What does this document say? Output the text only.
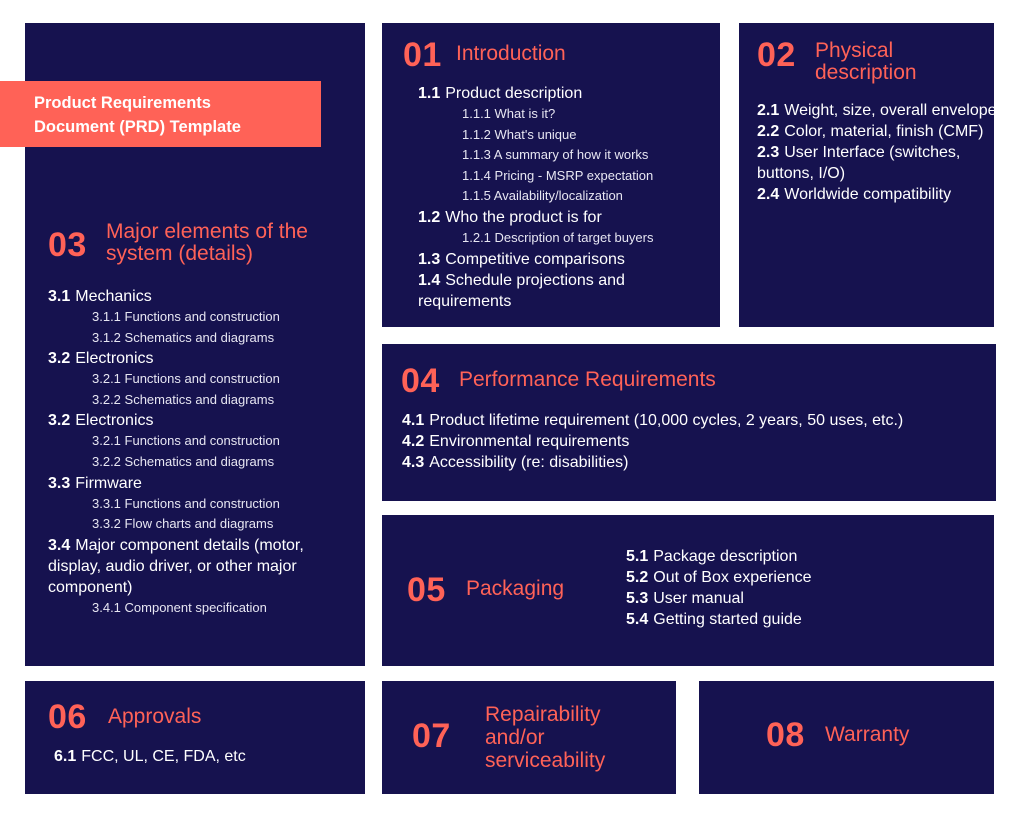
03 Major elements of the
system (details)
3.1 Mechanics
3.1.1 Functions and construction
3.1.2 Schematics and diagrams
3.2 Electronics
3.2.1 Functions and construction
3.2.2 Schematics and diagrams
3.2 Electronics
3.2.1 Functions and construction
3.2.2 Schematics and diagrams
3.3 Firmware
3.3.1 Functions and construction
3.3.2 Flow charts and diagrams
3.4 Major component details (motor, display, audio driver, or other major component)
3.4.1 Component specification
Product Requirements
Document (PRD) Template
01 Introduction
1.1 Product description
1.1.1 What is it?
1.1.2 What's unique
1.1.3 A summary of how it works
1.1.4 Pricing - MSRP expectation
1.1.5 Availability/localization
1.2 Who the product is for
1.2.1 Description of target buyers
1.3 Competitive comparisons
1.4 Schedule projections and requirements
02 Physical
description
2.1 Weight, size, overall envelope
2.2 Color, material, finish (CMF)
2.3 User Interface (switches, buttons, I/O)
2.4 Worldwide compatibility
04 Performance Requirements
4.1 Product lifetime requirement (10,000 cycles, 2 years, 50 uses, etc.)
4.2 Environmental requirements
4.3 Accessibility (re: disabilities)
05 Packaging
5.1 Package description
5.2 Out of Box experience
5.3 User manual
5.4 Getting started guide
06 Approvals
6.1 FCC, UL, CE, FDA, etc
07
Repairability
and/or
serviceability
08 Warranty
